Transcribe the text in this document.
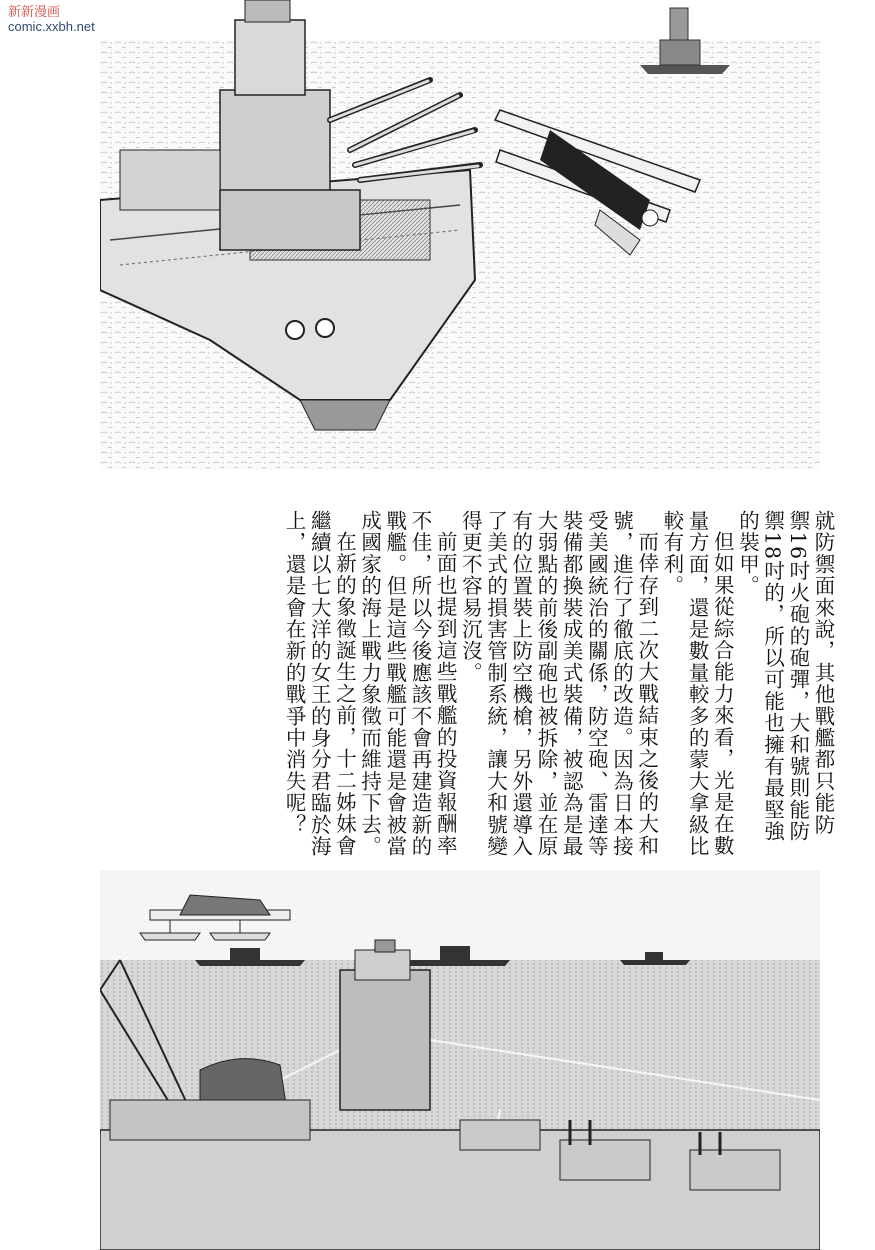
新新漫画
comic.xxbh.net
就防禦面來說，其他戰艦都只能防
禦16吋火砲的砲彈，大和號則能防
禦18吋的，所以可能也擁有最堅強
的裝甲。
但如果從綜合能力來看，光是在數
量方面，還是數量較多的蒙大拿級比
較有利。
而倖存到二次大戰結束之後的大和
號，進行了徹底的改造。因為日本接
受美國統治的關係，防空砲、雷達等
裝備都換裝成美式裝備，被認為是最
大弱點的前後副砲也被拆除，並在原
有的位置裝上防空機槍，另外還導入
了美式的損害管制系統，讓大和號變
得更不容易沉沒。
前面也提到這些戰艦的投資報酬率
不佳，所以今後應該不會再建造新的
戰艦。但是這些戰艦可能還是會被當
成國家的海上戰力象徵而維持下去。
在新的象徵誕生之前，十二姊妹會
繼續以七大洋的女王的身分君臨於海
上，還是會在新的戰爭中消失呢？
